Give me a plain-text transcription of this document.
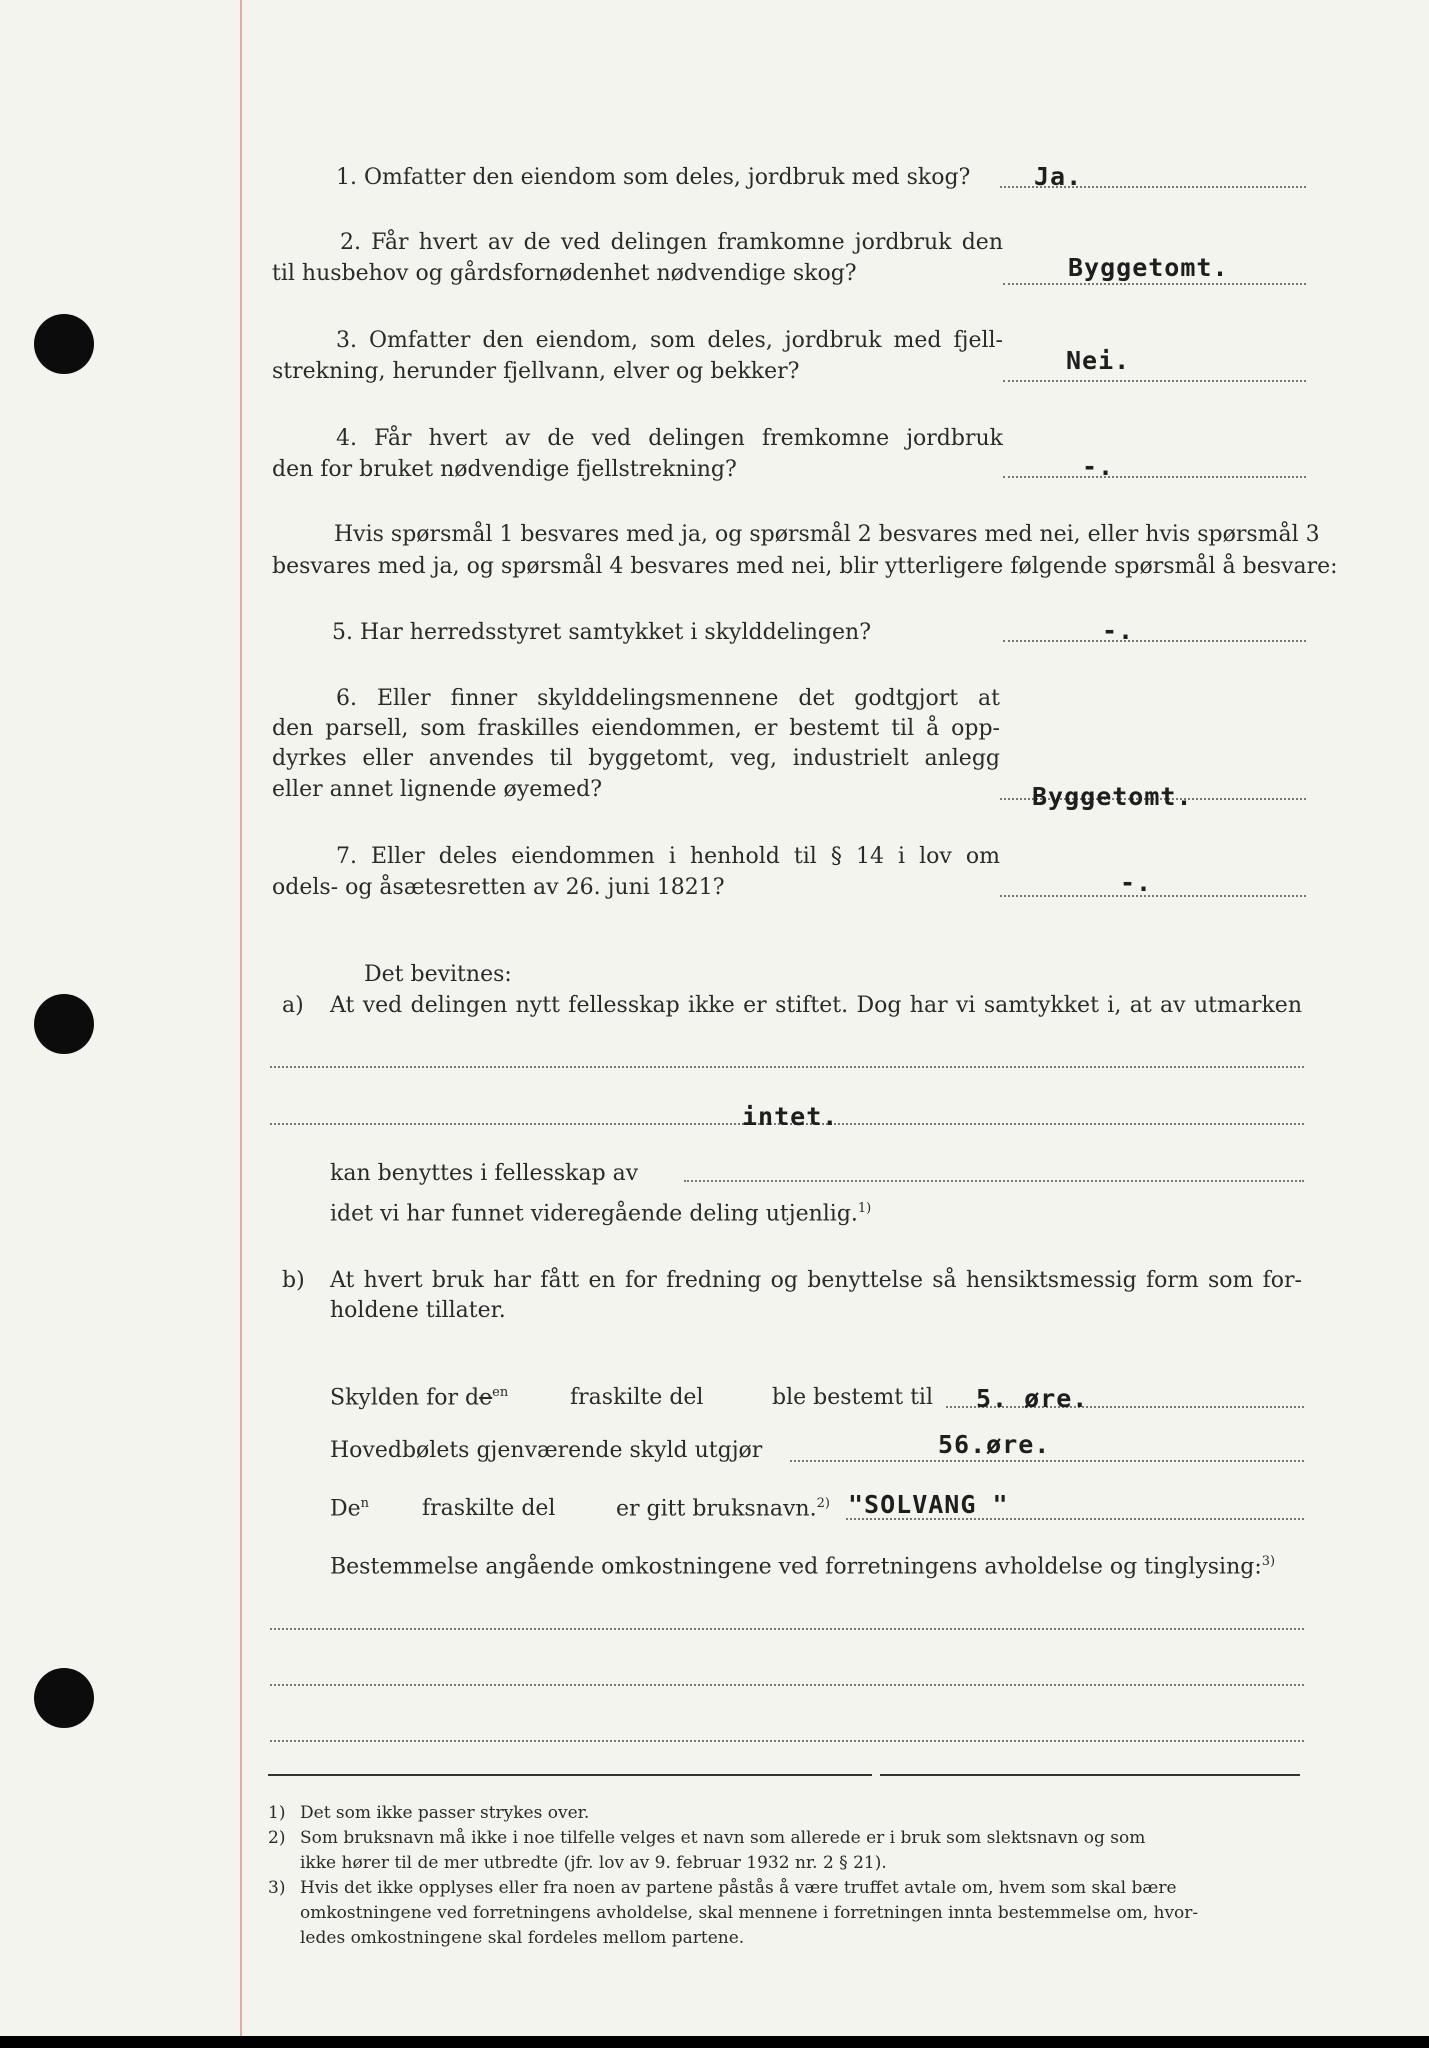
1. Omfatter den eiendom som deles, jordbruk med skog?	Ja.
2. Får hvert av de ved delingen framkomne jordbruk den
til husbehov og gårdsfornødenhet nødvendige skog?	Byggetomt.
3. Omfatter den eiendom, som deles, jordbruk med fjell-
strekning, herunder fjellvann, elver og bekker?	Nei.
4. Får hvert av de ved delingen fremkomne jordbruk
den for bruket nødvendige fjellstrekning?	-.
Hvis spørsmål 1 besvares med ja, og spørsmål 2 besvares med nei, eller hvis spørsmål 3
besvares med ja, og spørsmål 4 besvares med nei, blir ytterligere følgende spørsmål å besvare:
5. Har herredsstyret samtykket i skylddelingen?	-.
6. Eller finner skylddelingsmennene det godtgjort at
den parsell, som fraskilles eiendommen, er bestemt til å opp-
dyrkes eller anvendes til byggetomt, veg, industrielt anlegg
eller annet lignende øyemed?	Byggetomt.
7. Eller deles eiendommen i henhold til § 14 i lov om
odels- og åsætesretten av 26. juni 1821?	-.
Det bevitnes:
a) At ved delingen nytt fellesskap ikke er stiftet. Dog har vi samtykket i, at av utmarken
intet.
kan benyttes i fellesskap av
idet vi har funnet videregående deling utjenlig.$^{1)}$
b) At hvert bruk har fått en for fredning og benyttelse så hensiktsmessig form som for-
holdene tillater.
Skylden for $de^{en}$	fraskilte del	ble bestemt til 5. øre.
Hovedbølets gjenværende skyld utgjør	56.øre.
De$^n$ fraskilte del	er gitt bruksnavn.$^{2)}$ "SOLVANG "
Bestemmelse angående omkostningene ved forretningens avholdelse og tinglysing:$^{3)}$
1) Det som ikke passer strykes over.
2) Som bruksnavn må ikke i noe tilfelle velges et navn som allerede er i bruk som slektsnavn og som
ikke hører til de mer utbredte (jfr. lov av 9. februar 1932 nr. 2 § 21).
3) Hvis det ikke opplyses eller fra noen av partene påstås å være truffet avtale om, hvem som skal bære
omkostningene ved forretningens avholdelse, skal mennene i forretningen innta bestemmelse om, hvor-
ledes omkostningene skal fordeles mellom partene.
